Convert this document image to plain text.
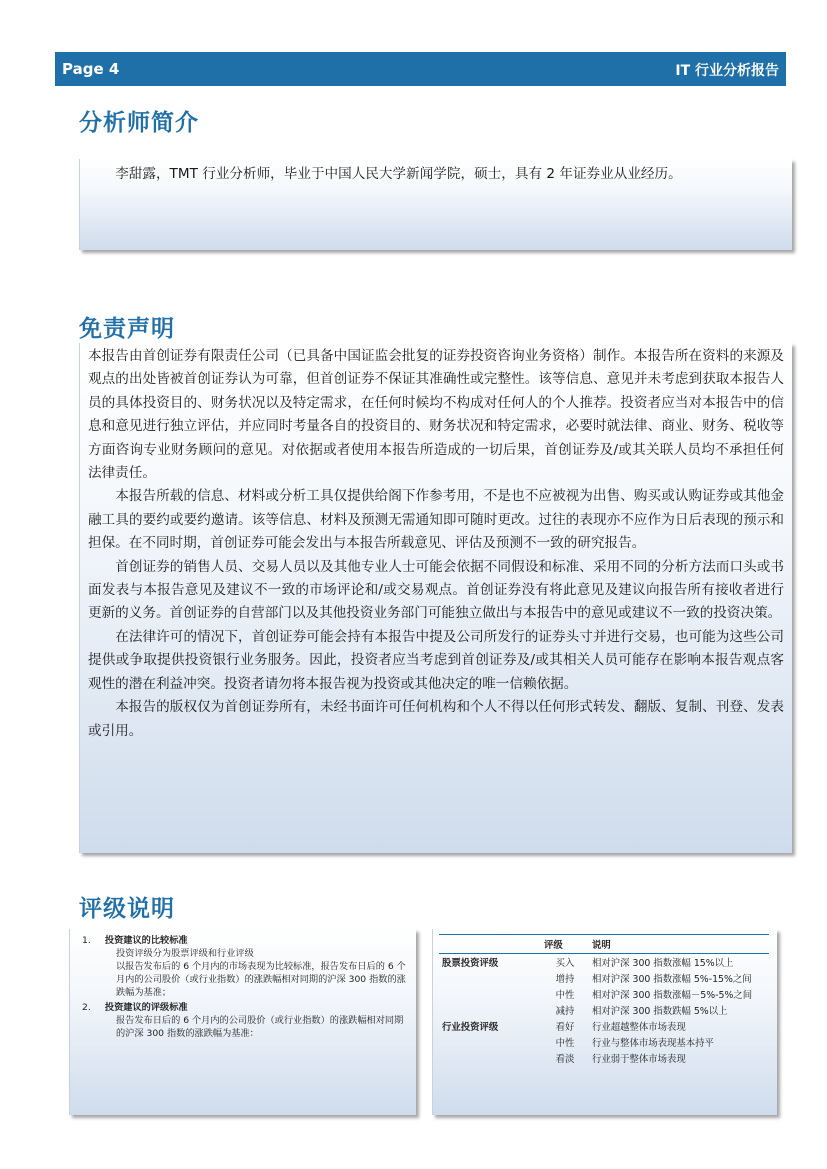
Page 4	IT 行业分析报告
分析师简介

李甜露，TMT 行业分析师，毕业于中国人民大学新闻学院，硕士，具有 2 年证券业从业经历。

免责声明

本报告由首创证券有限责任公司（已具备中国证监会批复的证券投资咨询业务资格）制作。本报告所在资料的来源及观点的出处皆被首创证券认为可靠，但首创证券不保证其准确性或完整性。该等信息、意见并未考虑到获取本报告人员的具体投资目的、财务状况以及特定需求，在任何时候均不构成对任何人的个人推荐。投资者应当对本报告中的信息和意见进行独立评估，并应同时考量各自的投资目的、财务状况和特定需求，必要时就法律、商业、财务、税收等方面咨询专业财务顾问的意见。对依据或者使用本报告所造成的一切后果，首创证券及/或其关联人员均不承担任何法律责任。

本报告所载的信息、材料或分析工具仅提供给阁下作参考用，不是也不应被视为出售、购买或认购证券或其他金融工具的要约或要约邀请。该等信息、材料及预测无需通知即可随时更改。过往的表现亦不应作为日后表现的预示和担保。在不同时期，首创证券可能会发出与本报告所载意见、评估及预测不一致的研究报告。

首创证券的销售人员、交易人员以及其他专业人士可能会依据不同假设和标准、采用不同的分析方法而口头或书面发表与本报告意见及建议不一致的市场评论和/或交易观点。首创证券没有将此意见及建议向报告所有接收者进行更新的义务。首创证券的自营部门以及其他投资业务部门可能独立做出与本报告中的意见或建议不一致的投资决策。

在法律许可的情况下，首创证券可能会持有本报告中提及公司所发行的证券头寸并进行交易，也可能为这些公司提供或争取提供投资银行业务服务。因此，投资者应当考虑到首创证券及/或其相关人员可能存在影响本报告观点客观性的潜在利益冲突。投资者请勿将本报告视为投资或其他决定的唯一信赖依据。

本报告的版权仅为首创证券所有，未经书面许可任何机构和个人不得以任何形式转发、翻版、复制、刊登、发表或引用。

评级说明
1. 投资建议的比较标准
投资评级分为股票评级和行业评级
以报告发布后的 6 个月内的市场表现为比较标准，报告发布日后的 6 个月内的公司股价（或行业指数）的涨跌幅相对同期的沪深 300 指数的涨跌幅为基准；
2. 投资建议的评级标准
报告发布日后的 6 个月内的公司股价（或行业指数）的涨跌幅相对同期的沪深 300 指数的涨跌幅为基准：
	评级	说明
股票投资评级	买入	相对沪深 300 指数涨幅 15%以上
	增持	相对沪深 300 指数涨幅 5%-15%之间
	中性	相对沪深 300 指数涨幅－5%-5%之间
	减持	相对沪深 300 指数跌幅 5%以上
行业投资评级	看好	行业超越整体市场表现
	中性	行业与整体市场表现基本持平
	看淡	行业弱于整体市场表现
